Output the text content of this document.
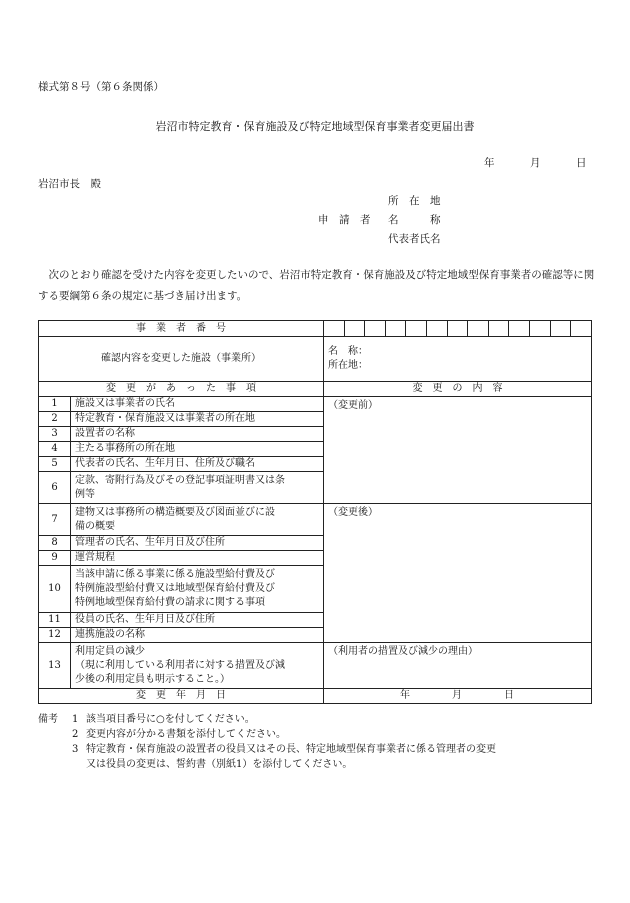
様式第８号（第６条関係）
岩沼市特定教育・保育施設及び特定地域型保育事業者変更届出書
年	月	日
岩沼市長　殿
申　請　者
所　在　地
名　　　称
代表者氏名
次のとおり確認を受けた内容を変更したいので、岩沼市特定教育・保育施設及び特定地域型保育事業者の確認等に関する要綱第６条の規定に基づき届け出ます。
事　業　者　番　号		

確認内容を変更した施設（事業所）		名　称：
所在地：

変　更　が　あ　っ　た　事　項		変　更　の　内　容
1	施設又は事業者の氏名	（変更前）
2	特定教育・保育施設又は事業者の所在地	
3	設置者の名称	
4	主たる事務所の所在地	
5	代表者の氏名、生年月日、住所及び職名	
6	定款、寄附行為及びその登記事項証明書又は条
例等	

7	建物又は事務所の構造概要及び図面並びに設
備の概要	（変更後）
8	管理者の氏名、生年月日及び住所	
9	運営規程	
10	当該申請に係る事業に係る施設型給付費及び
特例施設型給付費又は地域型保育給付費及び
特例地域型保育給付費の請求に関する事項	

11	役員の氏名、生年月日及び住所	
12	連携施設の名称	
13	利用定員の減少
（現に利用している利用者に対する措置及び減
少後の利用定員も明示すること。）	（利用者の措置及び減少の理由）
変　更　年　月　日		年 月 日
備考	1 該当項目番号に○を付してください。
2 変更内容が分かる書類を添付してください。
3 特定教育・保育施設の設置者の役員又はその長、特定地域型保育事業者に係る管理者の変更
又は役員の変更は、誓約書（別紙1）を添付してください。
